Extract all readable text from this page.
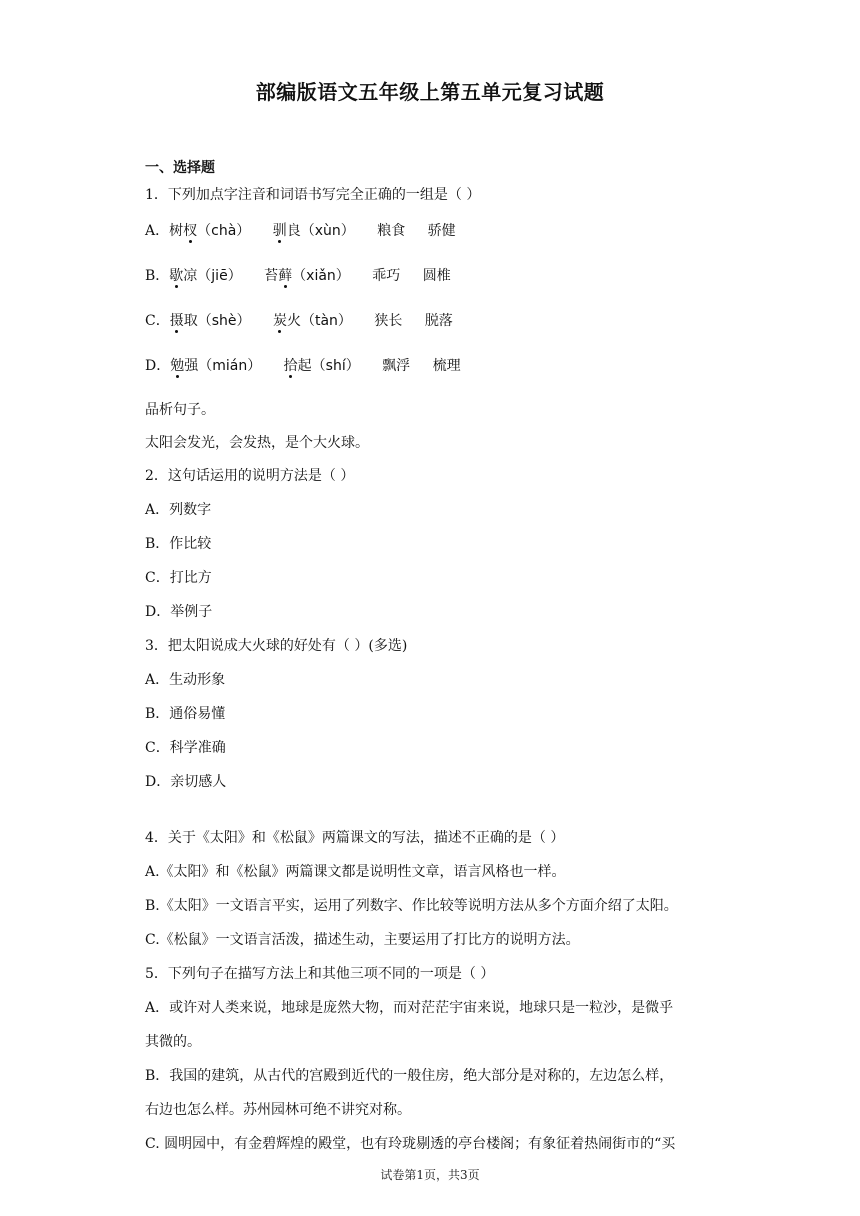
部编版语文五年级上第五单元复习试题
一、选择题
1．下列加点字注音和词语书写完全正确的一组是（ ）
A．树杈（chà） 驯良（xùn） 粮食 骄健
B．歇凉（jiē） 苔藓（xiǎn） 乖巧 圆椎
C．摄取（shè） 炭火（tàn） 狭长 脱落
D．勉强（mián） 拾起（shí） 飘浮 梳理
品析句子。
太阳会发光，会发热，是个大火球。
2．这句话运用的说明方法是（ ）
A．列数字
B．作比较
C．打比方
D．举例子
3．把太阳说成大火球的好处有（ ）(多选)
A．生动形象
B．通俗易懂
C．科学准确
D．亲切感人
4．关于《太阳》和《松鼠》两篇课文的写法，描述不正确的是（ ）
A.《太阳》和《松鼠》两篇课文都是说明性文章，语言风格也一样。
B.《太阳》一文语言平实，运用了列数字、作比较等说明方法从多个方面介绍了太阳。
C.《松鼠》一文语言活泼，描述生动，主要运用了打比方的说明方法。
5．下列句子在描写方法上和其他三项不同的一项是（ ）
A．或许对人类来说，地球是庞然大物，而对茫茫宇宙来说，地球只是一粒沙，是微乎
其微的。
B．我国的建筑，从古代的宫殿到近代的一般住房，绝大部分是对称的，左边怎么样，
右边也怎么样。苏州园林可绝不讲究对称。
C. 圆明园中，有金碧辉煌的殿堂，也有玲珑剔透的亭台楼阁；有象征着热闹街市的“买
试卷第1页，共3页
